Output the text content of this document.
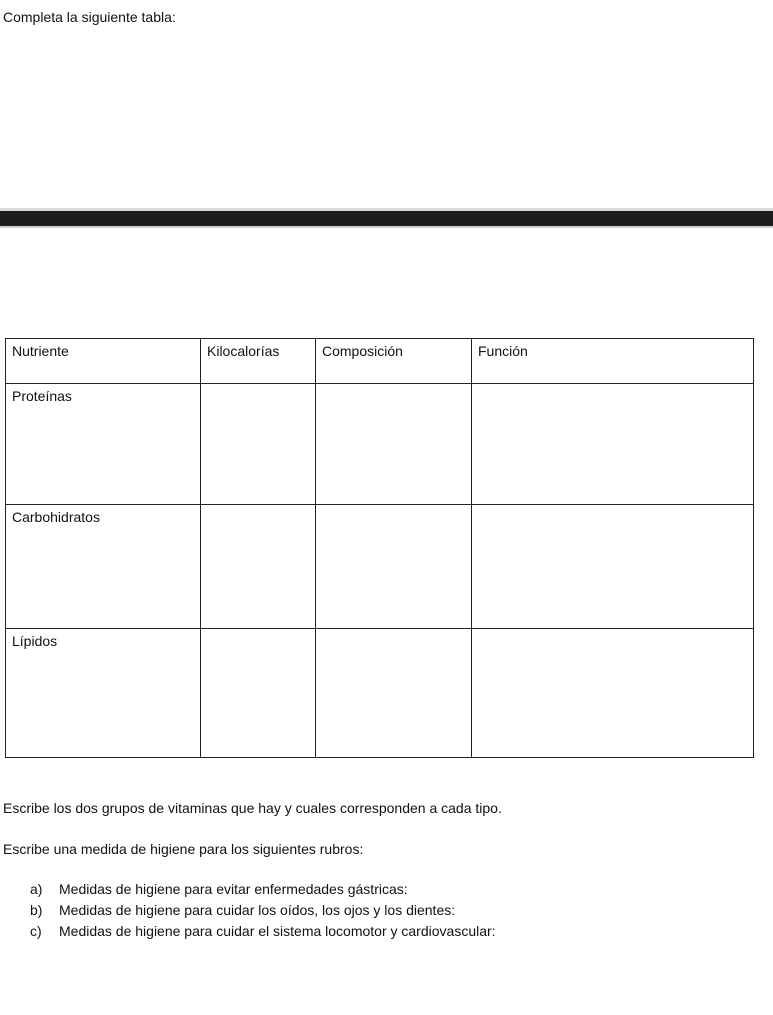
Completa la siguiente tabla:
Nutriente	Kilocalorías	Composición	Función
Proteínas			
Carbohidratos			
Lípidos			
Escribe los dos grupos de vitaminas que hay y cuales corresponden a cada tipo.
Escribe una medida de higiene para los siguientes rubros:
a) Medidas de higiene para evitar enfermedades gástricas:
b) Medidas de higiene para cuidar los oídos, los ojos y los dientes:
c) Medidas de higiene para cuidar el sistema locomotor y cardiovascular:
